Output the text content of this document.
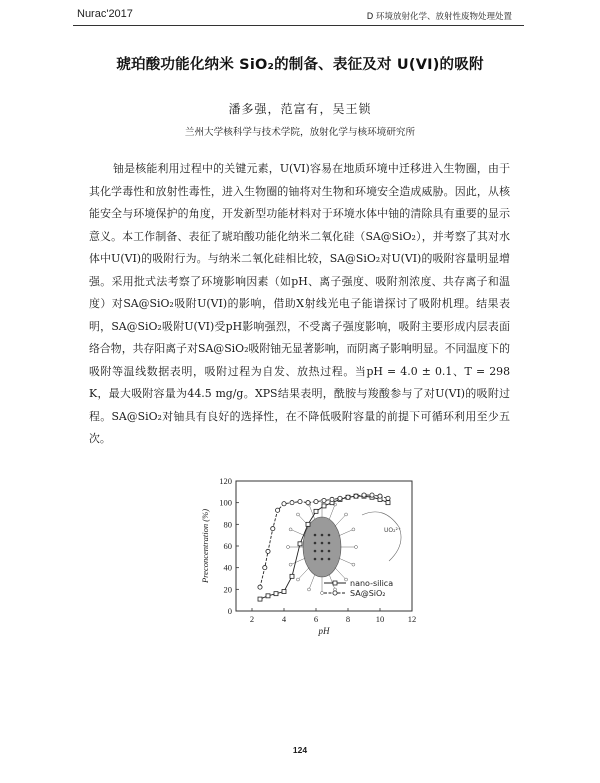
Nurac'2017	D 环境放射化学、放射性废物处理处置
琥珀酸功能化纳米 SiO₂的制备、表征及对 U(VI)的吸附
潘多强，范富有，吴王锁
兰州大学核科学与技术学院，放射化学与核环境研究所
铀是核能利用过程中的关键元素，U(VI)容易在地质环境中迁移进入生物圈，由于其化学毒性和放射性毒性，进入生物圈的铀将对生物和环境安全造成威胁。因此，从核能安全与环境保护的角度，开发新型功能材料对于环境水体中铀的清除具有重要的显示意义。本工作制备、表征了琥珀酸功能化纳米二氧化硅（SA@SiO₂），并考察了其对水体中U(VI)的吸附行为。与纳米二氧化硅相比较，SA@SiO₂对U(VI)的吸附容量明显增强。采用批式法考察了环境影响因素（如pH、离子强度、吸附剂浓度、共存离子和温度）对SA@SiO₂吸附U(VI)的影响，借助X射线光电子能谱探讨了吸附机理。结果表明，SA@SiO₂吸附U(VI)受pH影响强烈，不受离子强度影响，吸附主要形成内层表面络合物，共存阳离子对SA@SiO₂吸附铀无显著影响，而阴离子影响明显。不同温度下的吸附等温线数据表明，吸附过程为自发、放热过程。当pH = 4.0 ± 0.1、T = 298 K，最大吸附容量为44.5 mg/g。XPS结果表明，酰胺与羧酸参与了对U(VI)的吸附过程。SA@SiO₂对铀具有良好的选择性，在不降低吸附容量的前提下可循环利用至少五次。
UO₂²⁺
2	4	6	8	10	12
0
20
40
60
80
100
120
pH
Preconcentration (%)
nano-silica
SA@SiO₂
124
